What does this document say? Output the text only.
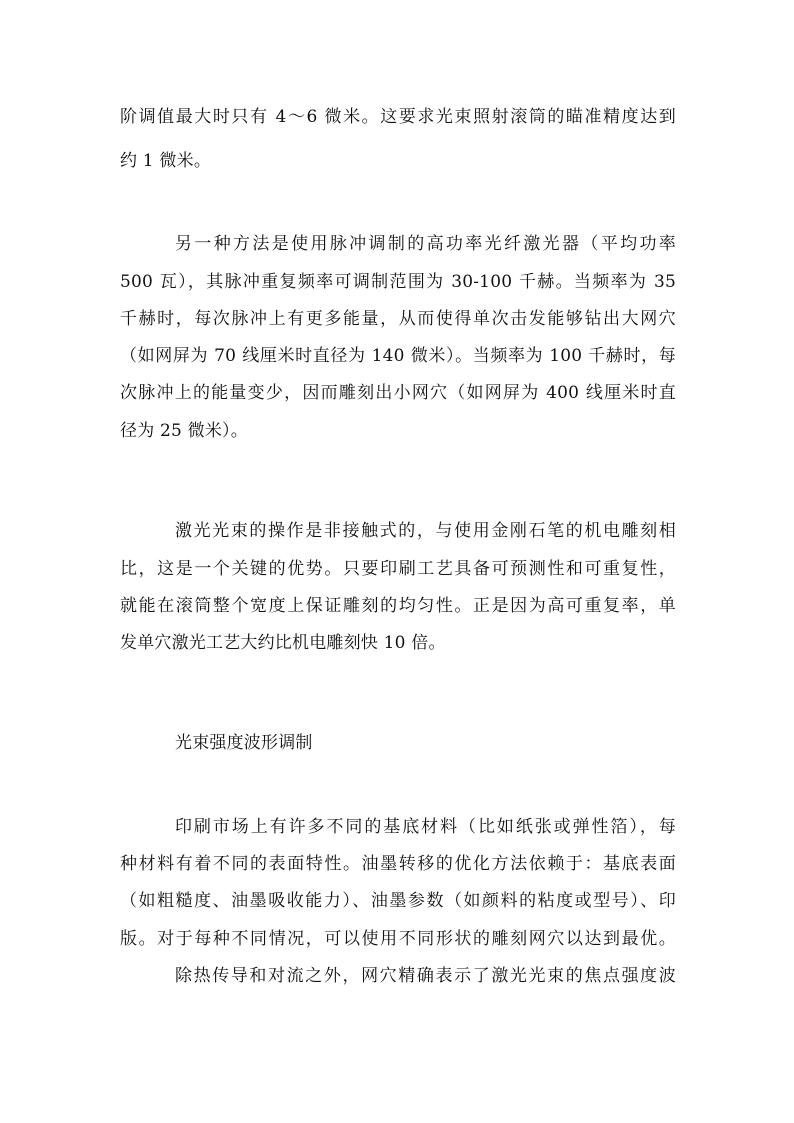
阶调值最大时只有 4～6 微米。这要求光束照射滚筒的瞄准精度达到
约 1 微米。
另一种方法是使用脉冲调制的高功率光纤激光器（平均功率
500 瓦），其脉冲重复频率可调制范围为 30-100 千赫。当频率为 35
千赫时，每次脉冲上有更多能量，从而使得单次击发能够钻出大网穴
（如网屏为 70 线厘米时直径为 140 微米）。当频率为 100 千赫时，每
次脉冲上的能量变少，因而雕刻出小网穴（如网屏为 400 线厘米时直
径为 25 微米）。
激光光束的操作是非接触式的，与使用金刚石笔的机电雕刻相
比，这是一个关键的优势。只要印刷工艺具备可预测性和可重复性，
就能在滚筒整个宽度上保证雕刻的均匀性。正是因为高可重复率，单
发单穴激光工艺大约比机电雕刻快 10 倍。
光束强度波形调制
印刷市场上有许多不同的基底材料（比如纸张或弹性箔），每
种材料有着不同的表面特性。油墨转移的优化方法依赖于：基底表面
（如粗糙度、油墨吸收能力）、油墨参数（如颜料的粘度或型号）、印
版。对于每种不同情况，可以使用不同形状的雕刻网穴以达到最优。
除热传导和对流之外，网穴精确表示了激光光束的焦点强度波
